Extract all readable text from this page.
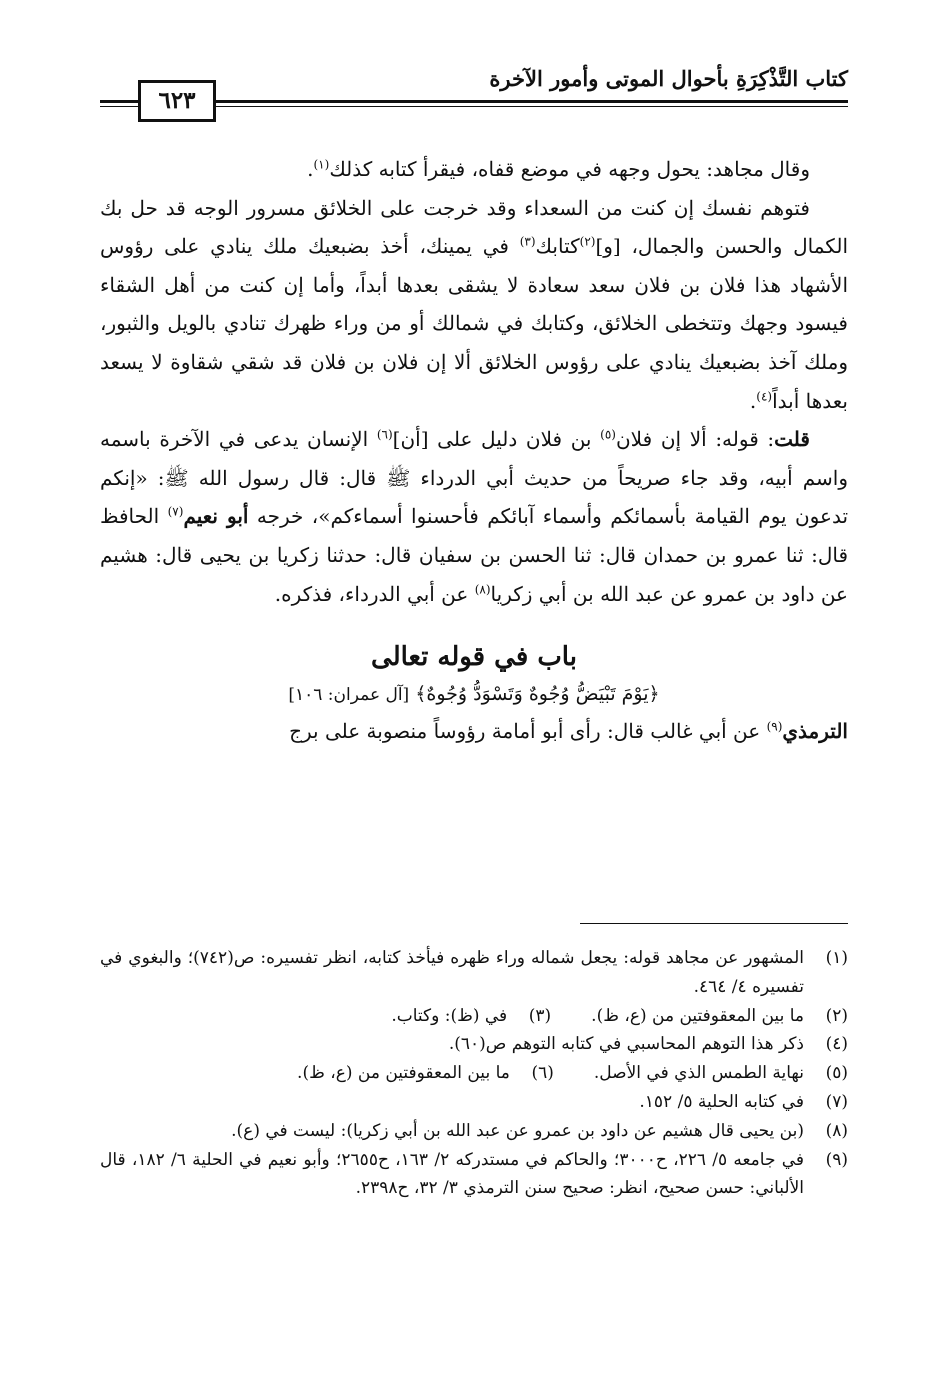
كتاب التَّذْكِرَةِ بأحوال الموتى وأمور الآخرة
٦٢٣

وقال مجاهد: يحول وجهه في موضع قفاه، فيقرأ كتابه كذلك$^{(١)}$.

فتوهم نفسك إن كنت من السعداء وقد خرجت على الخلائق مسرور الوجه قد حل بك الكمال والحسن والجمال، [و]$^{(٢)}$كتابك$^{(٣)}$ في يمينك، أخذ بضبعيك ملك ينادي على رؤوس الأشهاد هذا فلان بن فلان سعد سعادة لا يشقى بعدها أبداً، وأما إن كنت من أهل الشقاء فيسود وجهك وتتخطى الخلائق، وكتابك في شمالك أو من وراء ظهرك تنادي بالويل والثبور، وملك آخذ بضبعيك ينادي على رؤوس الخلائق ألا إن فلان بن فلان قد شقي شقاوة لا يسعد بعدها أبداً$^{(٤)}$.

قلت: قوله: ألا إن فلان$^{(٥)}$ بن فلان دليل على [أن]$^{(٦)}$ الإنسان يدعى في الآخرة باسمه واسم أبيه، وقد جاء صريحاً من حديث أبي الدرداء ﷺ قال: قال رسول الله ﷺ: «إنكم تدعون يوم القيامة بأسمائكم وأسماء آبائكم فأحسنوا أسماءكم»، خرجه أبو نعيم$^{(٧)}$ الحافظ قال: ثنا عمرو بن حمدان قال: ثنا الحسن بن سفيان قال: حدثنا زكريا بن يحيى قال: هشيم عن داود بن عمرو عن عبد الله بن أبي زكريا$^{(٨)}$ عن أبي الدرداء، فذكره.

باب في قوله تعالى
﴿يَوْمَ تَبْيَضُّ وُجُوهٌ وَتَسْوَدُّ وُجُوهٌ﴾ [آل عمران: ١٠٦]

الترمذي$^{(٩)}$ عن أبي غالب قال: رأى أبو أمامة رؤوساً منصوبة على برج

(١)
المشهور عن مجاهد قوله: يجعل شماله وراء ظهره فيأخذ كتابه، انظر تفسيره: ص(٧٤٢)؛ والبغوي في تفسيره ٤/ ٤٦٤.
(٢)
ما بين المعقوفتين من (ع، ظ).
(٣)
في (ظ): وكتاب.
(٤)
ذكر هذا التوهم المحاسبي في كتابه التوهم ص(٦٠).
(٥)
نهاية الطمس الذي في الأصل.
(٦)
ما بين المعقوفتين من (ع، ظ).
(٧)
في كتابه الحلية ٥/ ١٥٢.
(٨)
(بن يحيى قال هشيم عن داود بن عمرو عن عبد الله بن أبي زكريا): ليست في (ع).
(٩)
في جامعه ٥/ ٢٢٦، ح٣٠٠٠؛ والحاكم في مستدركه ٢/ ١٦٣، ح٢٦٥٥؛ وأبو نعيم في الحلية ٦/ ١٨٢، قال الألباني: حسن صحيح، انظر: صحيح سنن الترمذي ٣/ ٣٢، ح٢٣٩٨.
